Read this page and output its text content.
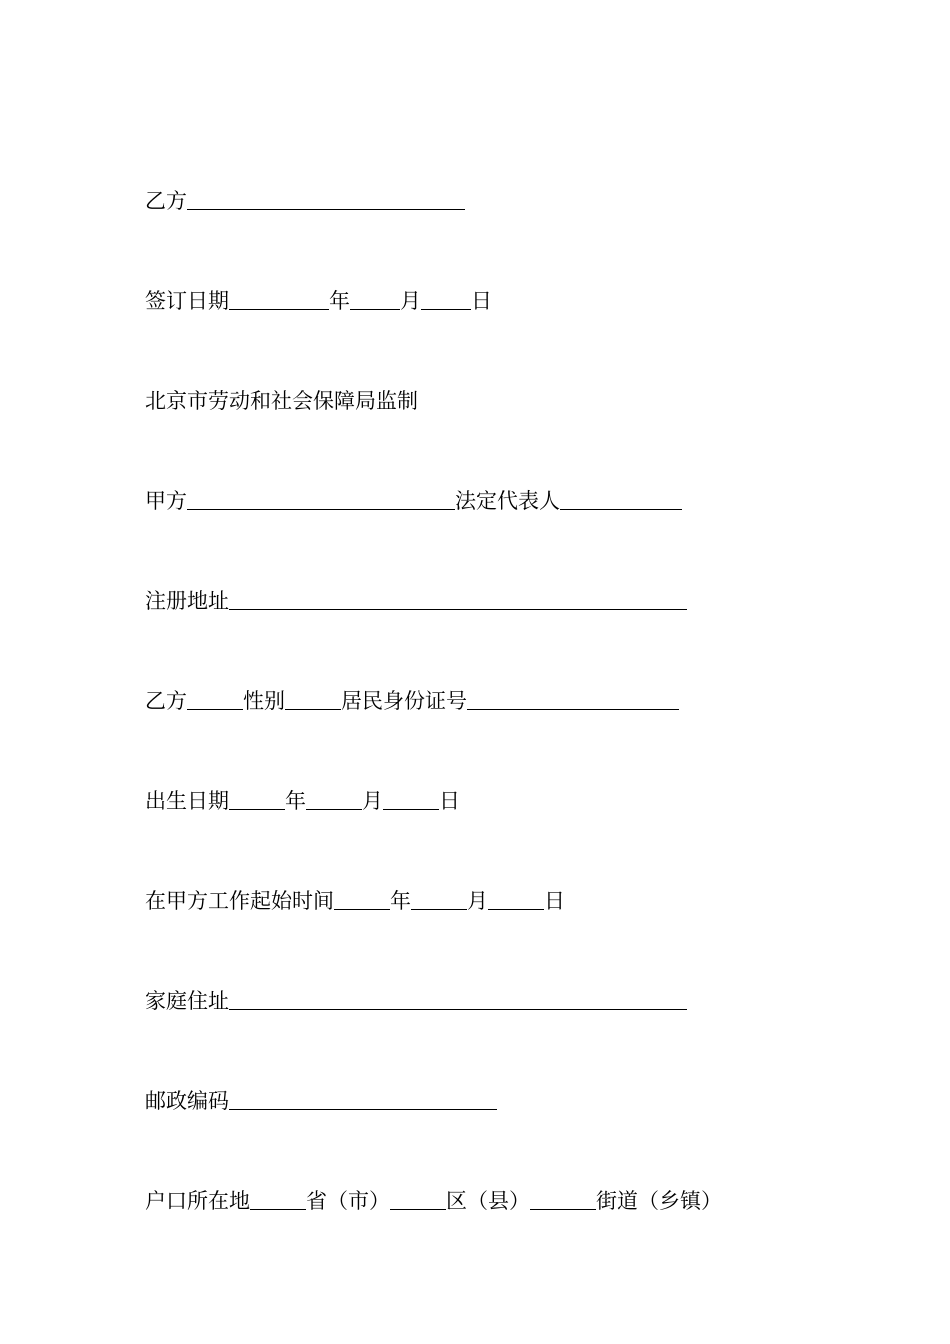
乙方
签订日期	年 月 日
北京市劳动和社会保障局监制
甲方	法定代表人
注册地址
乙方	性别	居民身份证号
出生日期	年	月	日
在甲方工作起始时间	年	月	日
家庭住址
邮政编码
户口所在地	省（市）	区（县）	街道（乡镇）
